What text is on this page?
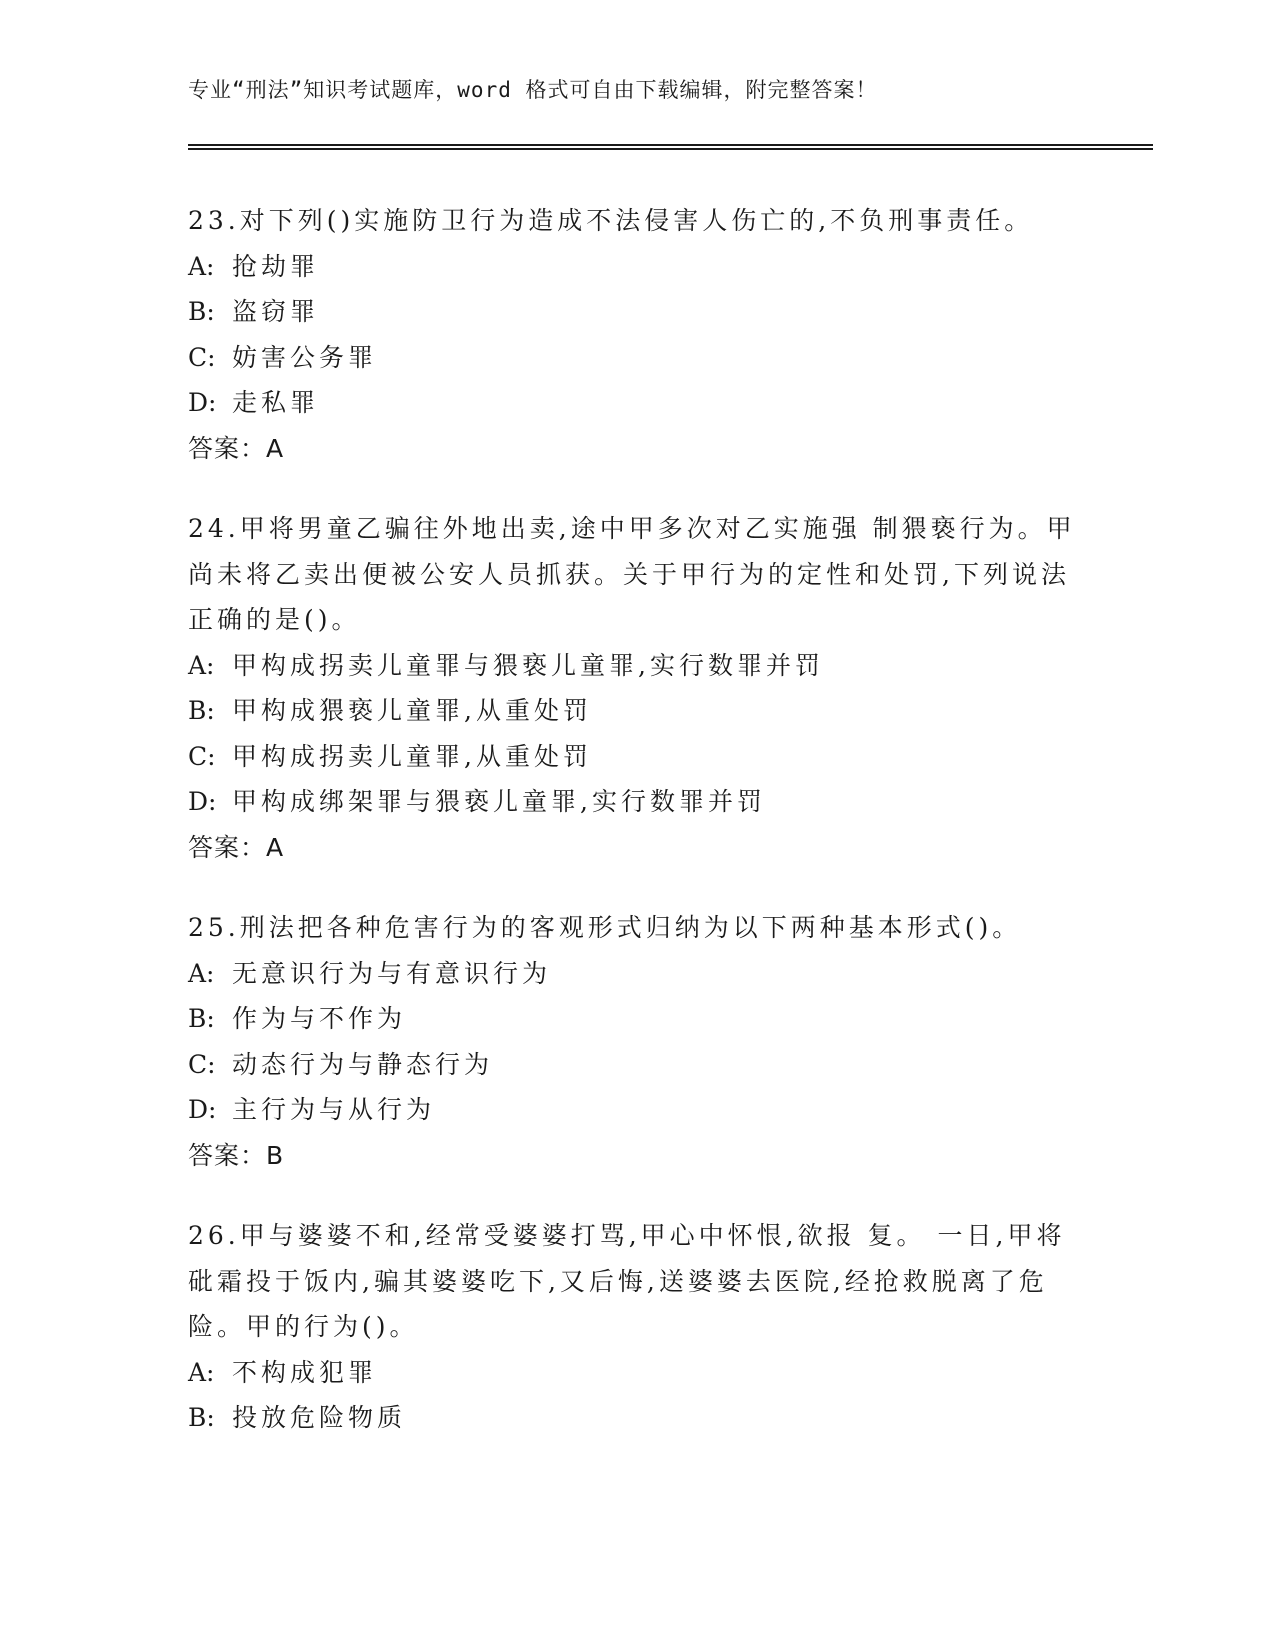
专业“刑法”知识考试题库，word 格式可自由下载编辑，附完整答案！
23.对下列()实施防卫行为造成不法侵害人伤亡的,不负刑事责任。
A: 抢劫罪
B: 盗窃罪
C: 妨害公务罪
D: 走私罪
答案：A
24.甲将男童乙骗往外地出卖,途中甲多次对乙实施强 制猥亵行为。甲
尚未将乙卖出便被公安人员抓获。关于甲行为的定性和处罚,下列说法
正确的是()。
A: 甲构成拐卖儿童罪与猥亵儿童罪,实行数罪并罚
B: 甲构成猥亵儿童罪,从重处罚
C: 甲构成拐卖儿童罪,从重处罚
D: 甲构成绑架罪与猥亵儿童罪,实行数罪并罚
答案：A
25.刑法把各种危害行为的客观形式归纳为以下两种基本形式()。
A: 无意识行为与有意识行为
B: 作为与不作为
C: 动态行为与静态行为
D: 主行为与从行为
答案：B
26.甲与婆婆不和,经常受婆婆打骂,甲心中怀恨,欲报 复。 一日,甲将
砒霜投于饭内,骗其婆婆吃下,又后悔,送婆婆去医院,经抢救脱离了危
险。甲的行为()。
A: 不构成犯罪
B: 投放危险物质
